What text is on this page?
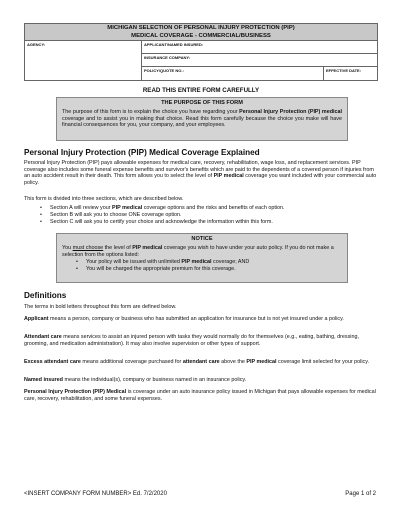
MICHIGAN SELECTION OF PERSONAL INJURY PROTECTION (PIP)
MEDICAL COVERAGE - COMMERCIAL/BUSINESS
AGENCY:	APPLICANT/NAMED INSURED:
INSURANCE COMPANY:
POLICY/QUOTE NO.:	EFFECTIVE DATE:
READ THIS ENTIRE FORM CAREFULLY
THE PURPOSE OF THIS FORM

The purpose of this form is to explain the choice you have regarding your Personal Injury Protection (PIP) medical coverage and to assist you in making that choice. Read this form carefully because the choice you make will have financial consequences for you, your company, and your employees.

Personal Injury Protection (PIP) Medical Coverage Explained
Personal Injury Protection (PIP) pays allowable expenses for medical care, recovery, rehabilitation, wage loss, and replacement services. PIP coverage also includes some funeral expense benefits and survivor's benefits which are paid to the dependents of a covered person if injuries from an auto accident result in their death. This form allows you to select the level of PIP medical coverage you want included with your commercial auto policy.
This form is divided into three sections, which are described below.
• Section A will review your PIP medical coverage options and the risks and benefits of each option.
• Section B will ask you to choose ONE coverage option.
• Section C will ask you to certify your choice and acknowledge the information within this form.
NOTICE

You must choose the level of PIP medical coverage you wish to have under your auto policy. If you do not make a selection from the options listed:

• Your policy will be issued with unlimited PIP medical coverage; AND
• You will be charged the appropriate premium for this coverage.
Definitions
The terms in bold letters throughout this form are defined below.
Applicant means a person, company or business who has submitted an application for insurance but is not yet insured under a policy.
Attendant care means services to assist an injured person with tasks they would normally do for themselves (e.g., eating, bathing, dressing, grooming, and medication administration). It may also involve supervision or other types of support.
Excess attendant care means additional coverage purchased for attendant care above the PIP medical coverage limit selected for your policy.
Named insured means the individual(s), company or business named in an insurance policy.
Personal Injury Protection (PIP) Medical is coverage under an auto insurance policy issued in Michigan that pays allowable expenses for medical care, recovery, rehabilitation, and some funeral expenses.
<INSERT COMPANY FORM NUMBER> Ed. 7/2/2020	Page 1 of 2
